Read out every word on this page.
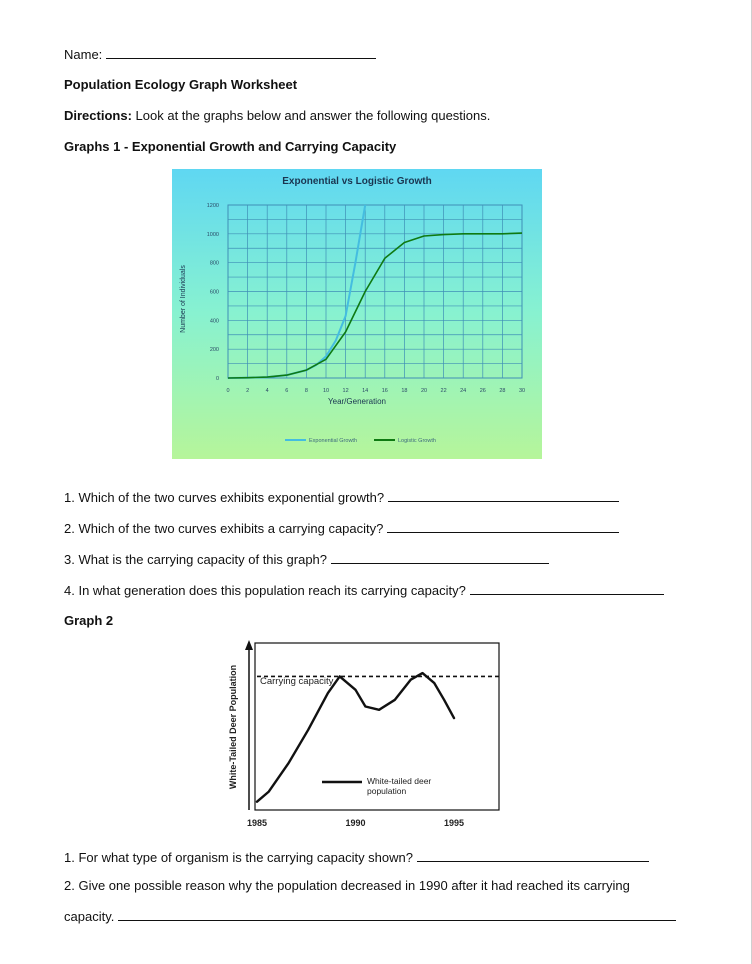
Name:
Population Ecology Graph Worksheet
Directions: Look at the graphs below and answer the following questions.
Graphs 1 - Exponential Growth and Carrying Capacity
Exponential vs Logistic Growth
0	2	4	6	8	10 12 14 16 18 20 22 24 26 28 30
0
200
400
600
800
1000
1200
Year/Generation
Number of Individuals
Exponential Growth	Logistic Growth
1. Which of the two curves exhibits exponential growth?
2. Which of the two curves exhibits a carrying capacity?
3. What is the carrying capacity of this graph?
4. In what generation does this population reach its carrying capacity?
Graph 2
White-Tailed Deer Population Carrying capacity
White-tailed deer population
1985	1990	1995
1. For what type of organism is the carrying capacity shown?
2. Give one possible reason why the population decreased in 1990 after it had reached its carrying
capacity.
